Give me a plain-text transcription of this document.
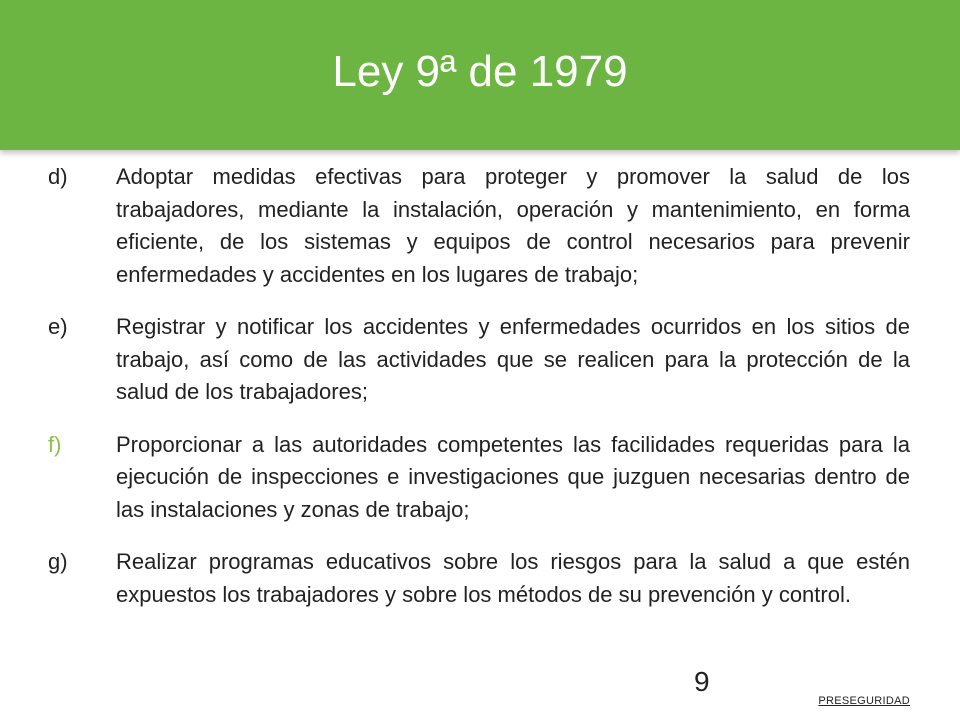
Ley 9ª de 1979
d)	Adoptar medidas efectivas para proteger y promover la salud de los trabajadores, mediante la instalación, operación y mantenimiento, en forma eficiente, de los sistemas y equipos de control necesarios para prevenir enfermedades y accidentes en los lugares de trabajo;
e)	Registrar y notificar los accidentes y enfermedades ocurridos en los sitios de trabajo, así como de las actividades que se realicen para la protección de la salud de los trabajadores;
f)	Proporcionar a las autoridades competentes las facilidades requeridas para la ejecución de inspecciones e investigaciones que juzguen necesarias dentro de las instalaciones y zonas de trabajo;
g)	Realizar programas educativos sobre los riesgos para la salud a que estén expuestos los trabajadores y sobre los métodos de su prevención y control.
9
PRESEGURIDAD
